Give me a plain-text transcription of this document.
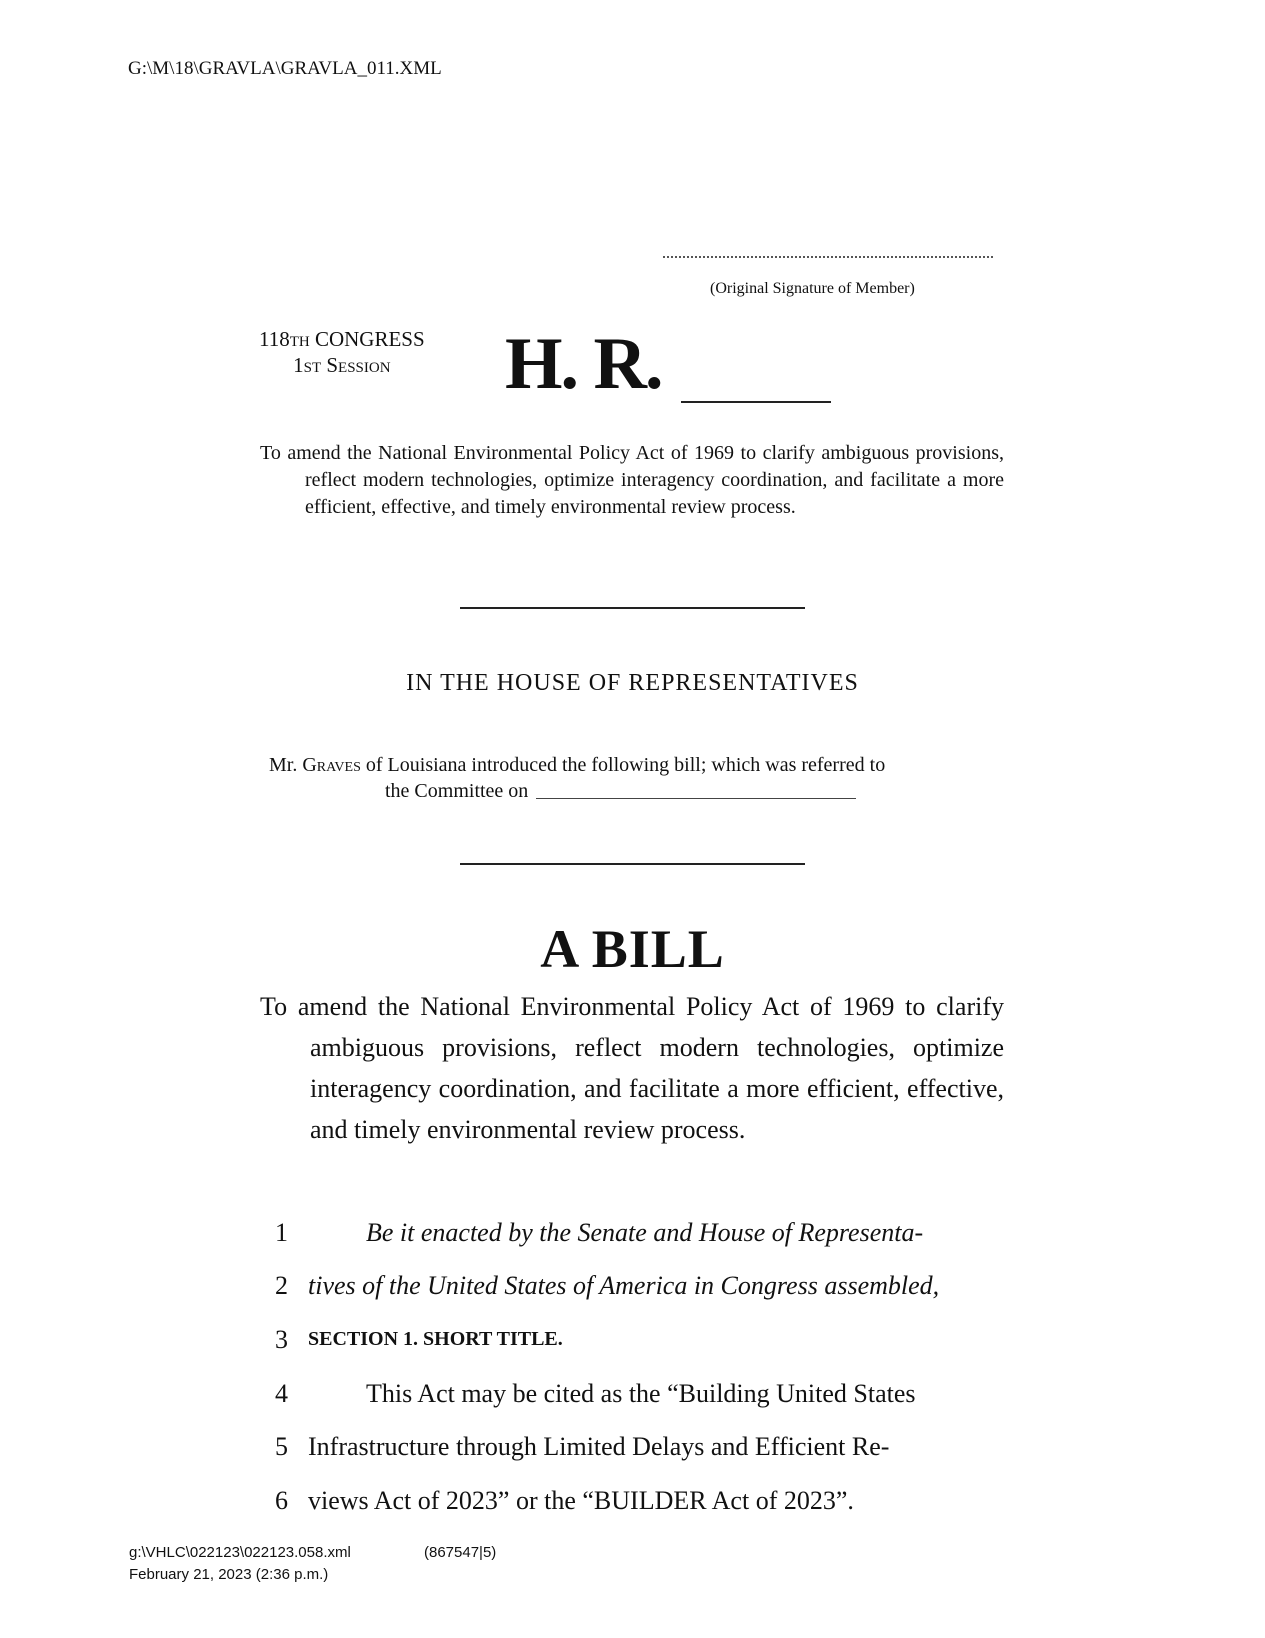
G:\M\18\GRAVLA\GRAVLA_011.XML
(Original Signature of Member)
118th CONGRESS
1st Session	H. R.
To amend the National Environmental Policy Act of 1969 to clarify ambiguous provisions, reflect modern technologies, optimize interagency coordination, and facilitate a more efficient, effective, and timely environmental review process.
IN THE HOUSE OF REPRESENTATIVES
Mr. Graves of Louisiana introduced the following bill; which was referred to
the Committee on
A BILL
To amend the National Environmental Policy Act of 1969 to clarify ambiguous provisions, reflect modern technologies, optimize interagency coordination, and facilitate a more efficient, effective, and timely environmental review process.
1	Be it enacted by the Senate and House of Representa-
2 tives of the United States of America in Congress assembled,
3 SECTION 1. SHORT TITLE.
4	This Act may be cited as the “Building United States
5 Infrastructure through Limited Delays and Efficient Re-
6 views Act of 2023” or the “BUILDER Act of 2023”.
g:\VHLC\022123\022123.058.xml	(867547|5)
February 21, 2023 (2:36 p.m.)
